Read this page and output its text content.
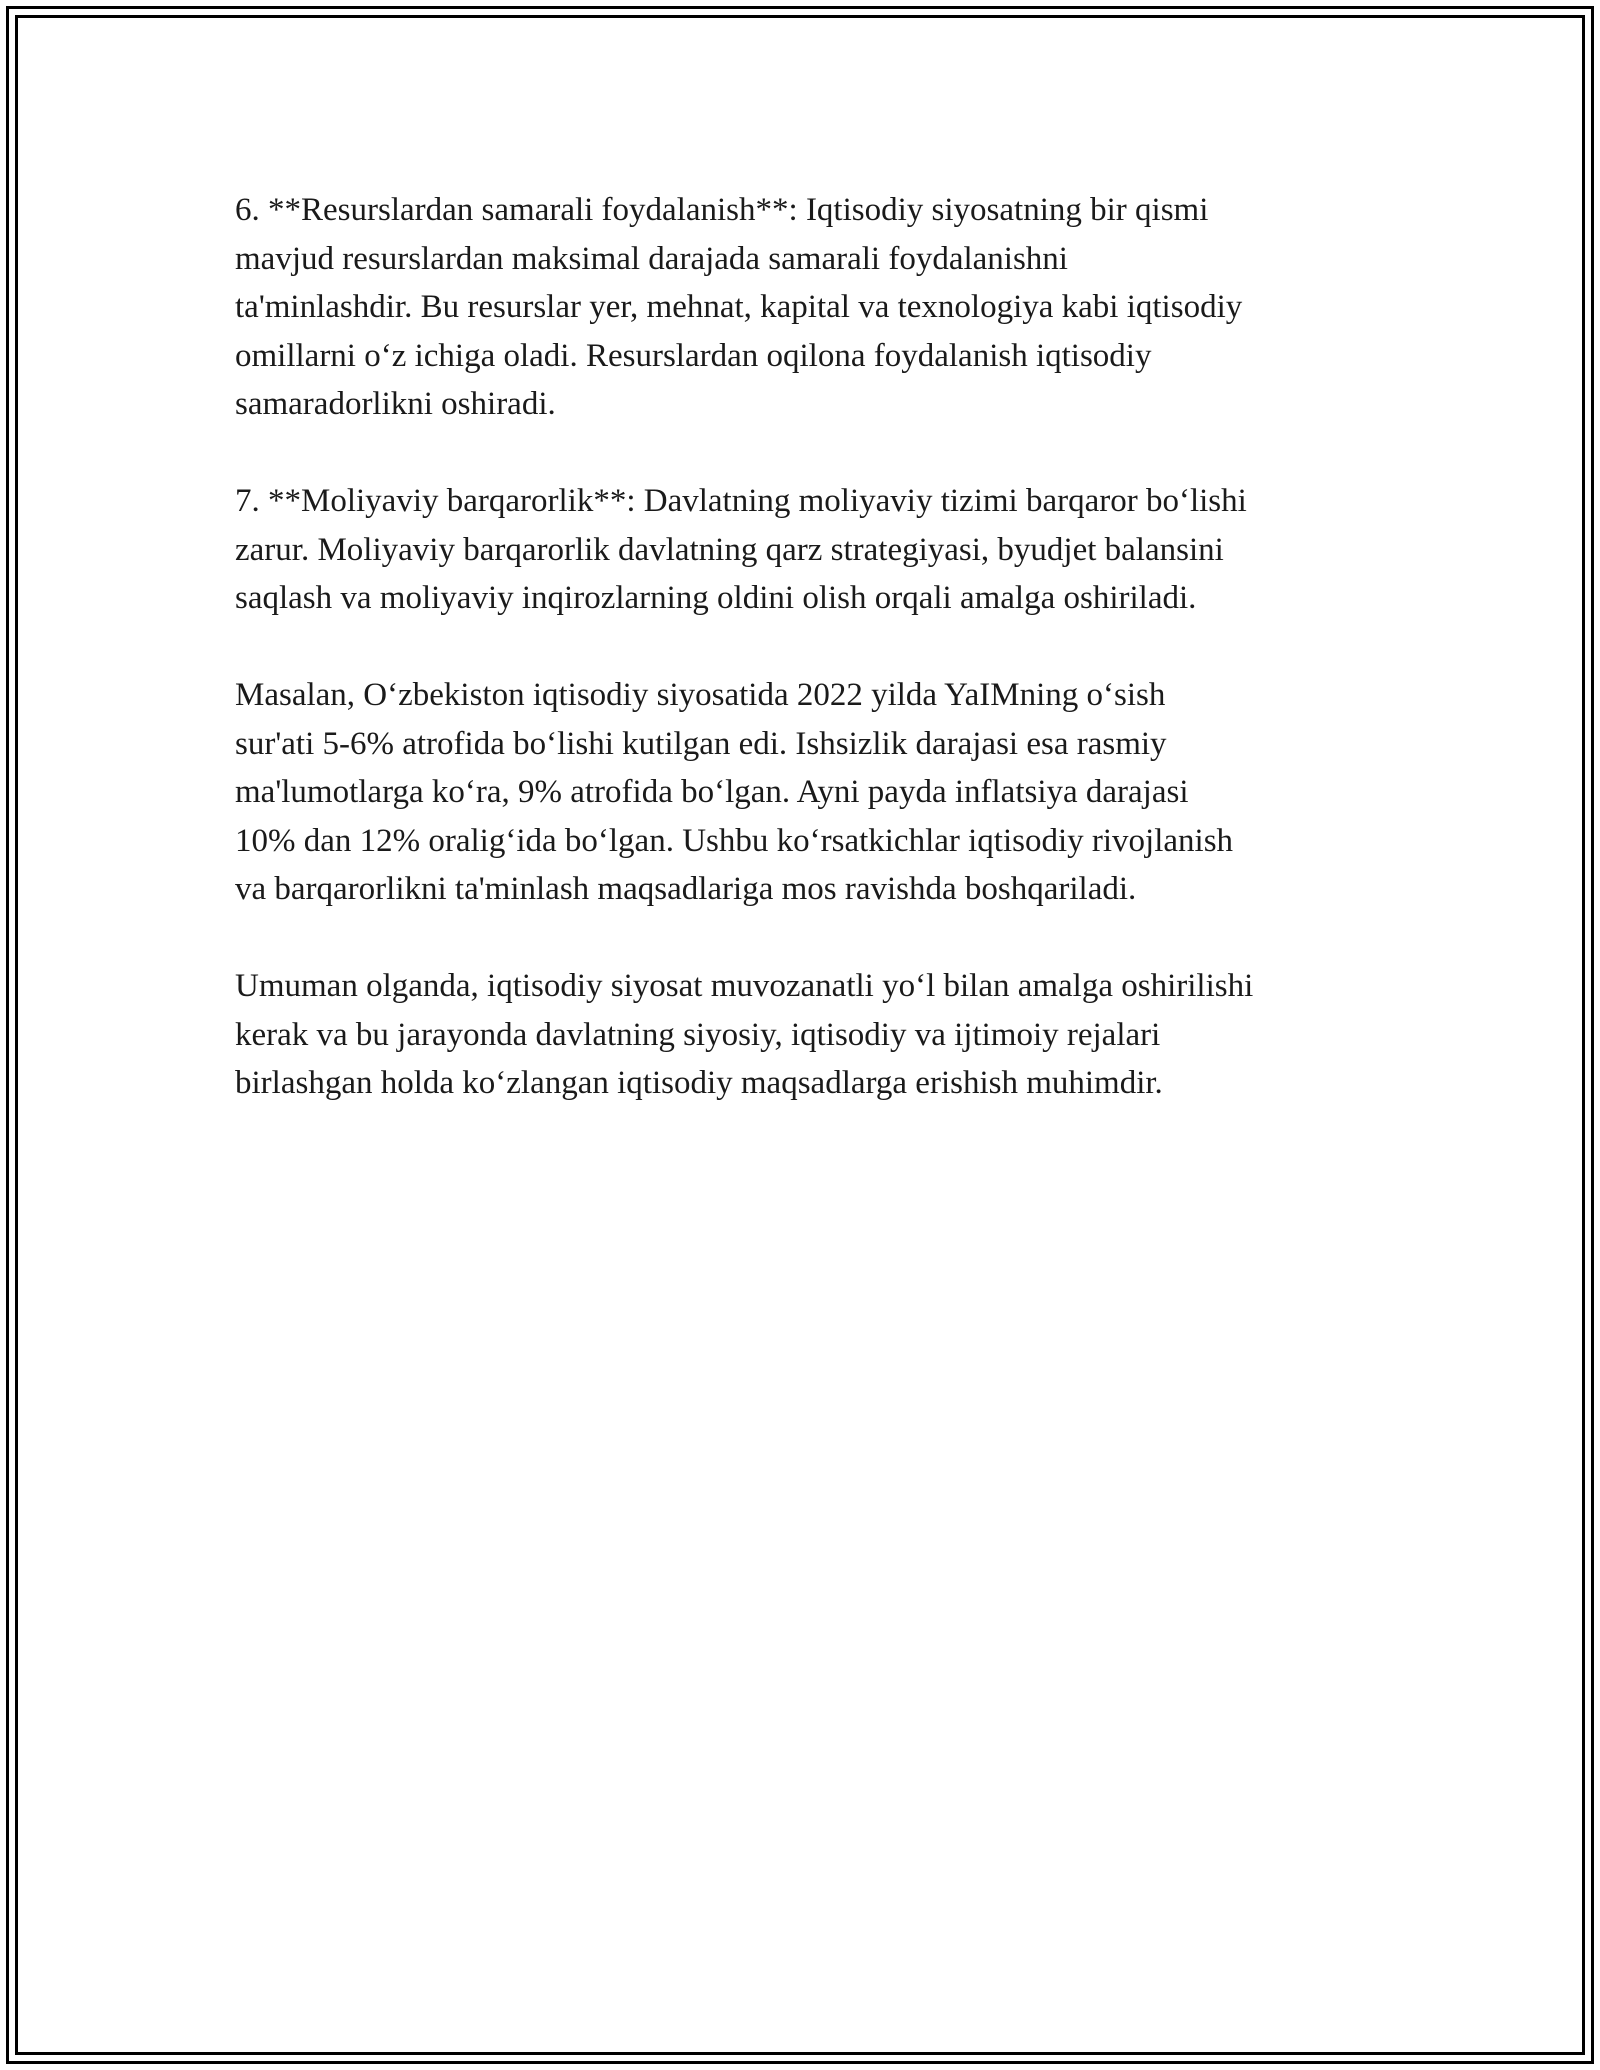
6. **Resurslardan samarali foydalanish**: Iqtisodiy siyosatning bir qismi
mavjud resurslardan maksimal darajada samarali foydalanishni
ta'minlashdir. Bu resurslar yer, mehnat, kapital va texnologiya kabi iqtisodiy
omillarni o‘z ichiga oladi. Resurslardan oqilona foydalanish iqtisodiy
samaradorlikni oshiradi.

7. **Moliyaviy barqarorlik**: Davlatning moliyaviy tizimi barqaror bo‘lishi
zarur. Moliyaviy barqarorlik davlatning qarz strategiyasi, byudjet balansini
saqlash va moliyaviy inqirozlarning oldini olish orqali amalga oshiriladi.

Masalan, O‘zbekiston iqtisodiy siyosatida 2022 yilda YaIMning o‘sish
sur'ati 5-6% atrofida bo‘lishi kutilgan edi. Ishsizlik darajasi esa rasmiy
ma'lumotlarga ko‘ra, 9% atrofida bo‘lgan. Ayni payda inflatsiya darajasi
10% dan 12% oralig‘ida bo‘lgan. Ushbu ko‘rsatkichlar iqtisodiy rivojlanish
va barqarorlikni ta'minlash maqsadlariga mos ravishda boshqariladi.

Umuman olganda, iqtisodiy siyosat muvozanatli yo‘l bilan amalga oshirilishi
kerak va bu jarayonda davlatning siyosiy, iqtisodiy va ijtimoiy rejalari
birlashgan holda ko‘zlangan iqtisodiy maqsadlarga erishish muhimdir.
